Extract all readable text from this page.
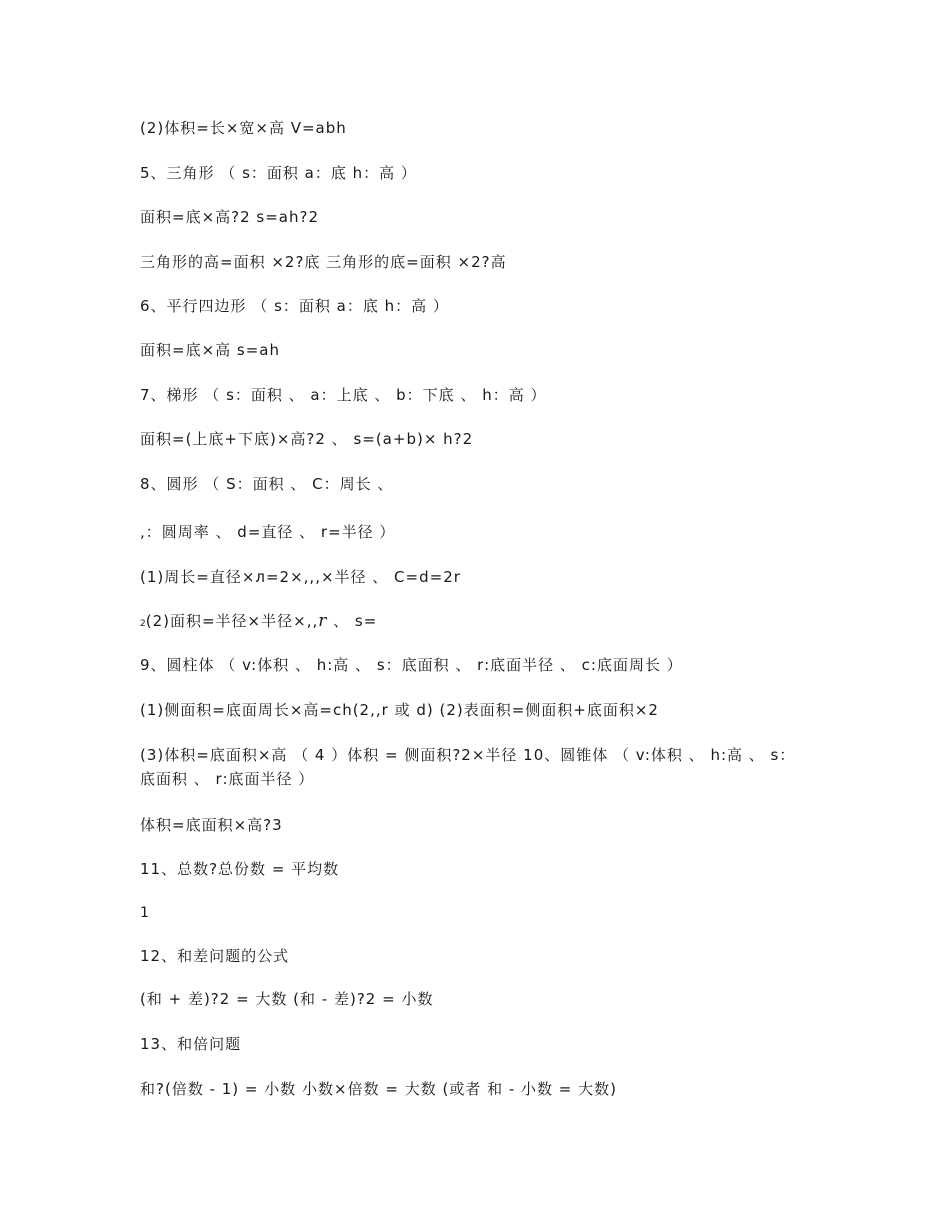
(2)体积=长×宽×高 V=abh
5、三角形 （ s：面积 a：底 h：高 ）
面积=底×高?2 s=ah?2
三角形的高=面积 ×2?底 三角形的底=面积 ×2?高
6、平行四边形 （ s：面积 a：底 h：高 ）
面积=底×高 s=ah
7、梯形 （ s：面积 、 a：上底 、 b：下底 、 h：高 ）
面积=(上底+下底)×高?2 、 s=(a+b)× h?2
8、圆形 （ S：面积 、 C：周长 、
,：圆周率 、 d=直径 、 r=半径 ）
(1)周长=直径×л=2×,,,×半径 、 C=d=2r
2(2)面积=半径×半径×,,r 、 s=
9、圆柱体 （ v:体积 、 h:高 、 s：底面积 、 r:底面半径 、 c:底面周长 ）
(1)侧面积=底面周长×高=ch(2,,r 或 d) (2)表面积=侧面积+底面积×2
(3)体积=底面积×高 （ 4 ）体积 = 侧面积?2×半径 10、圆锥体 （ v:体积 、 h:高 、 s：底面积 、 r:底面半径 ）
体积=底面积×高?3
11、总数?总份数 = 平均数
1
12、和差问题的公式
(和 + 差)?2 = 大数 (和 - 差)?2 = 小数
13、和倍问题
和?(倍数 - 1) = 小数 小数×倍数 = 大数 (或者 和 - 小数 = 大数)
